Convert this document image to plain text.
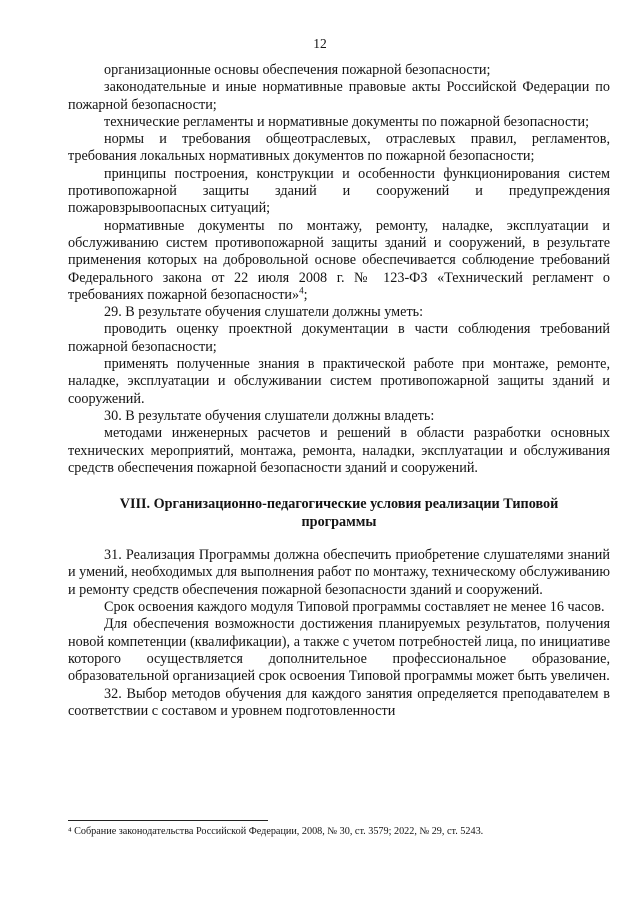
12

организационные основы обеспечения пожарной безопасности;

законодательные и иные нормативные правовые акты Российской Федерации по пожарной безопасности;

технические регламенты и нормативные документы по пожарной безопасности;

нормы и требования общеотраслевых, отраслевых правил, регламентов, требования локальных нормативных документов по пожарной безопасности;

принципы построения, конструкции и особенности функционирования систем противопожарной защиты зданий и сооружений и предупреждения пожаровзрывоопасных ситуаций;

нормативные документы по монтажу, ремонту, наладке, эксплуатации и обслуживанию систем противопожарной защиты зданий и сооружений, в результате применения которых на добровольной основе обеспечивается соблюдение требований Федерального закона от 22 июля 2008 г. № 123-ФЗ «Технический регламент о требованиях пожарной безопасности»$^4$;

29. В результате обучения слушатели должны уметь:

проводить оценку проектной документации в части соблюдения требований пожарной безопасности;

применять полученные знания в практической работе при монтаже, ремонте, наладке, эксплуатации и обслуживании систем противопожарной защиты зданий и сооружений.

30. В результате обучения слушатели должны владеть:

методами инженерных расчетов и решений в области разработки основных технических мероприятий, монтажа, ремонта, наладки, эксплуатации и обслуживания средств обеспечения пожарной безопасности зданий и сооружений.

VIII. Организационно-педагогические условия реализации Типовой программы

31. Реализация Программы должна обеспечить приобретение слушателями знаний и умений, необходимых для выполнения работ по монтажу, техническому обслуживанию и ремонту средств обеспечения пожарной безопасности зданий и сооружений.

Срок освоения каждого модуля Типовой программы составляет не менее 16 часов.

Для обеспечения возможности достижения планируемых результатов, получения новой компетенции (квалификации), а также с учетом потребностей лица, по инициативе которого осуществляется дополнительное профессиональное образование, образовательной организацией срок освоения Типовой программы может быть увеличен.

32. Выбор методов обучения для каждого занятия определяется преподавателем в соответствии с составом и уровнем подготовленности

⁴ Собрание законодательства Российской Федерации, 2008, № 30, ст. 3579; 2022, № 29, ст. 5243.
